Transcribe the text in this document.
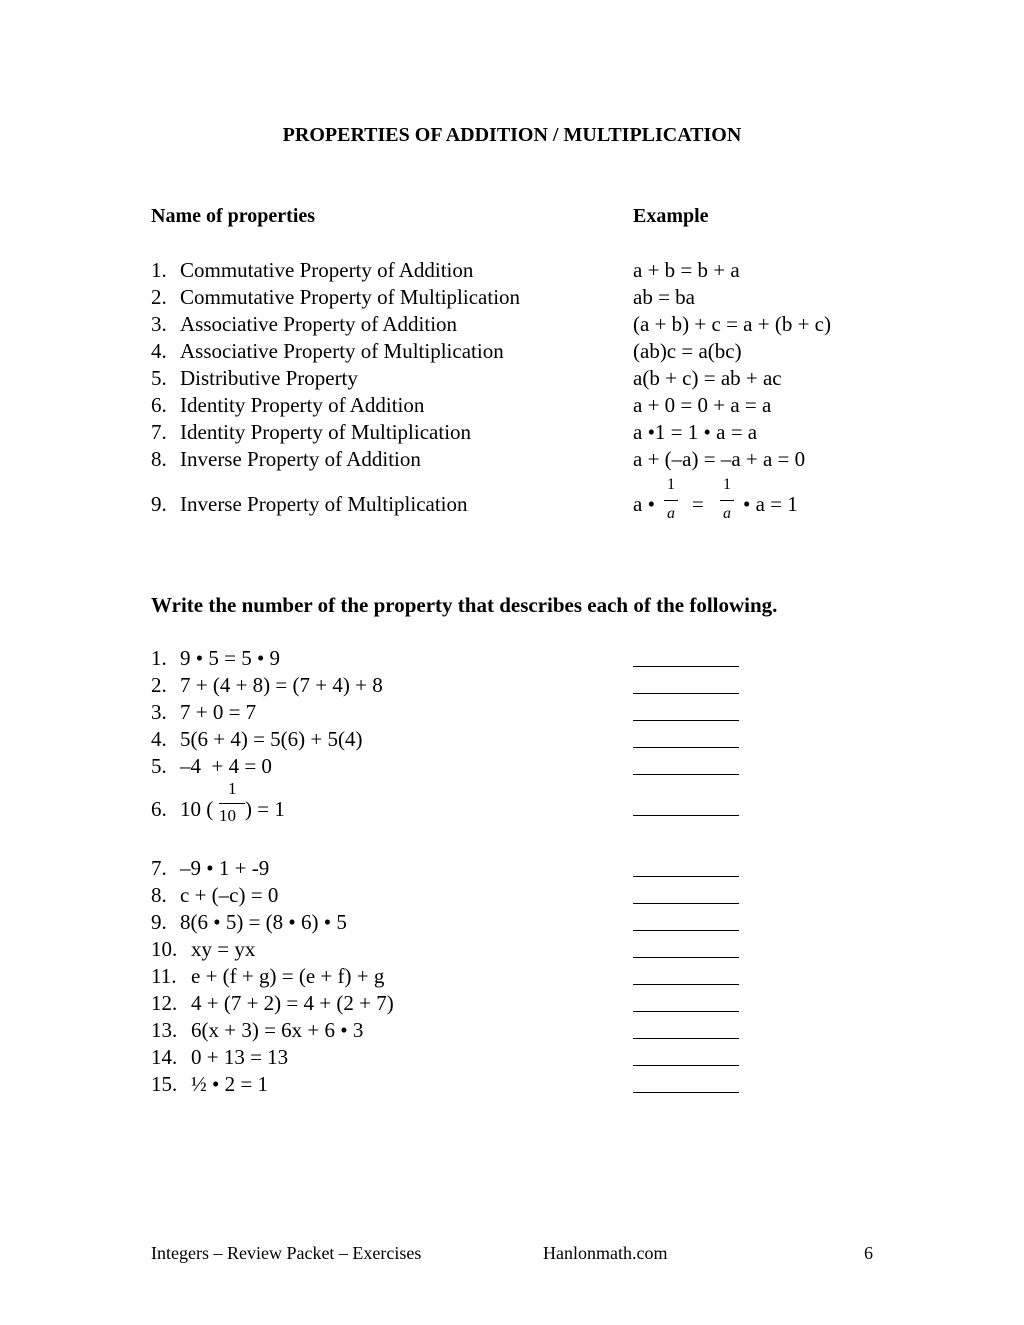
PROPERTIES OF ADDITION / MULTIPLICATION
Name of properties	Example
1. Commutative Property of Addition	a + b = b + a
2. Commutative Property of Multiplication	ab = ba
3. Associative Property of Addition	(a + b) + c = a + (b + c)
4. Associative Property of Multiplication	(ab)c = a(bc)
5. Distributive Property	a(b + c) = ab + ac
6. Identity Property of Addition	a + 0 = 0 + a = a
7. Identity Property of Multiplication	a •1 = 1 • a = a
8. Inverse Property of Addition	a + (–a) = –a + a = 0
9. Inverse Property of Multiplication	a •
1
a =
1
a • a = 1
Write the number of the property that describes each of the following.
1. 9 • 5 = 5 • 9
2. 7 + (4 + 8) = (7 + 4) + 8
3. 7 + 0 = 7
4. 5(6 + 4) = 5(6) + 5(4)
5. –4  + 4 = 0
6. 10 (
1
10 ) = 1
7. –9 • 1 + -9
8. c + (–c) = 0
9. 8(6 • 5) = (8 • 6) • 5
10. xy = yx
11. e + (f + g) = (e + f) + g
12. 4 + (7 + 2) = 4 + (2 + 7)
13. 6(x + 3) = 6x + 6 • 3
14. 0 + 13 = 13
15. ½ • 2 = 1
Integers – Review Packet – Exercises	Hanlonmath.com	6
